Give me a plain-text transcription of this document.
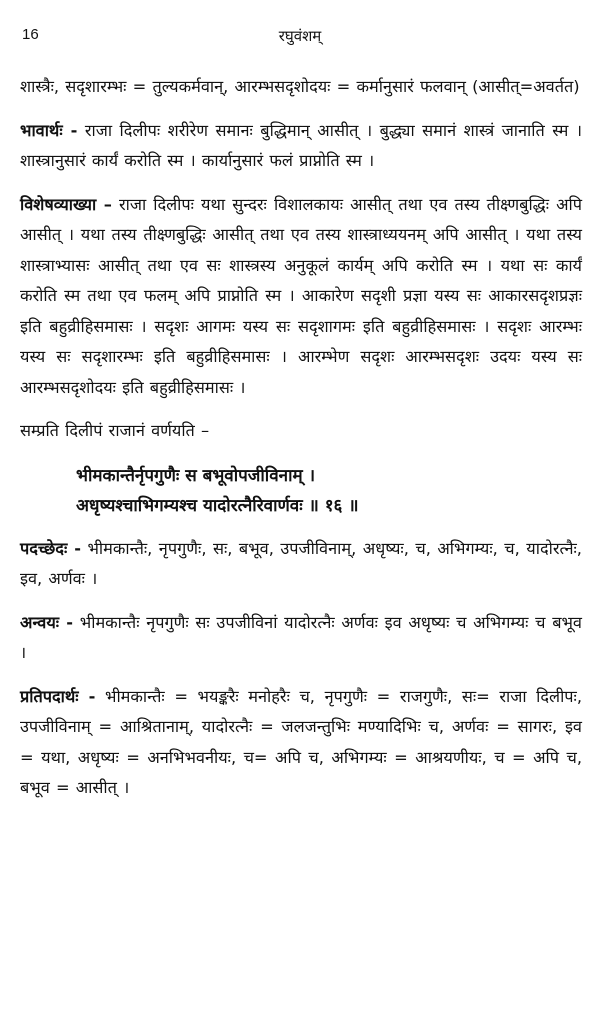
16	रघुवंशम्

शास्त्रैः, सदृशारम्भः = तुल्यकर्मवान्, आरम्भसदृशोदयः = कर्मानुसारं फलवान् (आसीत्=अवर्तत)

भावार्थः - राजा दिलीपः शरीरेण समानः बुद्धिमान् आसीत् । बुद्ध्या समानं शास्त्रं जानाति स्म । शास्त्रानुसारं कार्यं करोति स्म । कार्यानुसारं फलं प्राप्नोति स्म ।

विशेषव्याख्या – राजा दिलीपः यथा सुन्दरः विशालकायः आसीत् तथा एव तस्य तीक्ष्णबुद्धिः अपि आसीत् । यथा तस्य तीक्ष्णबुद्धिः आसीत् तथा एव तस्य शास्त्राध्ययनम् अपि आसीत् । यथा तस्य शास्त्राभ्यासः आसीत् तथा एव सः शास्त्रस्य अनुकूलं कार्यम् अपि करोति स्म । यथा सः कार्यं करोति स्म तथा एव फलम् अपि प्राप्नोति स्म । आकारेण सदृशी प्रज्ञा यस्य सः आकारसदृशप्रज्ञः इति बहुव्रीहिसमासः । सदृशः आगमः यस्य सः सदृशागमः इति बहुव्रीहिसमासः । सदृशः आरम्भः यस्य सः सदृशारम्भः इति बहुव्रीहिसमासः । आरम्भेण सदृशः आरम्भसदृशः उदयः यस्य सः आरम्भसदृशोदयः इति बहुव्रीहिसमासः ।

सम्प्रति दिलीपं राजानं वर्णयति –

भीमकान्तैर्नृपगुणैः स बभूवोपजीविनाम् ।
अधृष्यश्चाभिगम्यश्च यादोरत्नैरिवार्णवः ॥ १६ ॥

पदच्छेदः - भीमकान्तैः, नृपगुणैः, सः, बभूव, उपजीविनाम्, अधृष्यः, च, अभिगम्यः, च, यादोरत्नैः, इव, अर्णवः ।

अन्वयः - भीमकान्तैः नृपगुणैः सः उपजीविनां यादोरत्नैः अर्णवः इव अधृष्यः च अभिगम्यः च बभूव ।

प्रतिपदार्थः - भीमकान्तैः = भयङ्करैः मनोहरैः च, नृपगुणैः = राजगुणैः, सः= राजा दिलीपः, उपजीविनाम् = आश्रितानाम्, यादोरत्नैः = जलजन्तुभिः मण्यादिभिः च, अर्णवः = सागरः, इव = यथा, अधृष्यः = अनभिभवनीयः, च= अपि च, अभिगम्यः = आश्रयणीयः, च = अपि च, बभूव = आसीत् ।
